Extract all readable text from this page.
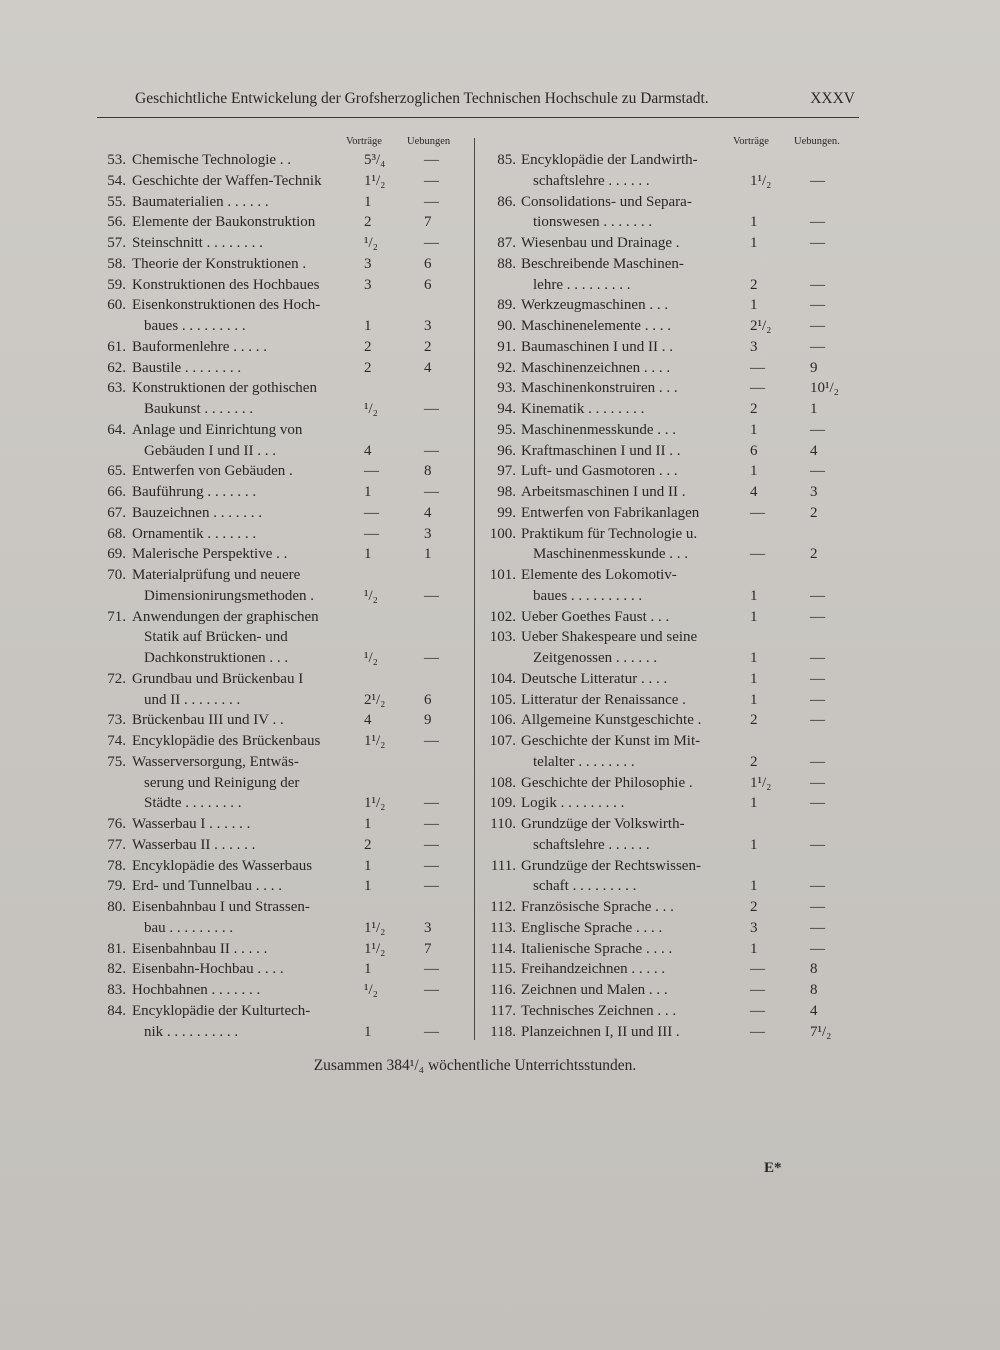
Geschichtliche Entwickelung der Grofsherzoglichen Technischen Hochschule zu Darmstadt.	XXXV
Vorträge Uebungen	Vorträge Uebungen.
53. Chemische Technologie . .	5³/₄	—
54. Geschichte der Waffen-Technik	1¹/₂	—
55. Baumaterialien . . . . . .	1	—
56. Elemente der Baukonstruktion	2	7
57. Steinschnitt . . . . . . . .	¹/₂	—
58. Theorie der Konstruktionen .	3	6
59. Konstruktionen des Hochbaues	3	6
60. Eisenkonstruktionen des Hoch-
baues . . . . . . . . .	1	3
61. Bauformenlehre . . . . .	2	2
62. Baustile . . . . . . . .	2	4
63. Konstruktionen der gothischen
Baukunst . . . . . . .	¹/₂	—
64. Anlage und Einrichtung von
Gebäuden I und II . . .	4	—
65. Entwerfen von Gebäuden .	—	8
66. Bauführung . . . . . . .	1	—
67. Bauzeichnen . . . . . . .	—	4
68. Ornamentik . . . . . . .	—	3
69. Malerische Perspektive . .	1	1
70. Materialprüfung und neuere
Dimensionirungsmethoden .	¹/₂	—
71. Anwendungen der graphischen
Statik auf Brücken- und
Dachkonstruktionen . . .	¹/₂	—
72. Grundbau und Brückenbau I
und II . . . . . . . .	2¹/₂	6
73. Brückenbau III und IV . .	4	9
74. Encyklopädie des Brückenbaus	1¹/₂	—
75. Wasserversorgung, Entwäs-
serung und Reinigung der
Städte . . . . . . . .	1¹/₂	—
76. Wasserbau I . . . . . .	1	—
77. Wasserbau II . . . . . .	2	—
78. Encyklopädie des Wasserbaus	1	—
79. Erd- und Tunnelbau . . . .	1	—
80. Eisenbahnbau I und Strassen-
bau . . . . . . . . .	1¹/₂	3
81. Eisenbahnbau II . . . . .	1¹/₂	7
82. Eisenbahn-Hochbau . . . .	1	—
83. Hochbahnen . . . . . . .	¹/₂	—
84. Encyklopädie der Kulturtech-
nik . . . . . . . . . .	1	—
85. Encyklopädie der Landwirth-
schaftslehre . . . . . .	1¹/₂	—
86. Consolidations- und Separa-
tionswesen . . . . . . .	1	—
87. Wiesenbau und Drainage .	1	—
88. Beschreibende Maschinen-
lehre . . . . . . . . .	2	—
89. Werkzeugmaschinen . . .	1	—
90. Maschinenelemente . . . .	2¹/₂	—
91. Baumaschinen I und II . .	3	—
92. Maschinenzeichnen . . . .	—	9
93. Maschinenkonstruiren . . .	—	10¹/₂
94. Kinematik . . . . . . . .	2	1
95. Maschinenmesskunde . . .	1	—
96. Kraftmaschinen I und II . .	6	4
97. Luft- und Gasmotoren . . .	1	—
98. Arbeitsmaschinen I und II .	4	3
99. Entwerfen von Fabrikanlagen	—	2
100. Praktikum für Technologie u.
Maschinenmesskunde . . .	—	2
101. Elemente des Lokomotiv-
baues . . . . . . . . . .	1	—
102. Ueber Goethes Faust . . .	1	—
103. Ueber Shakespeare und seine
Zeitgenossen . . . . . .	1	—
104. Deutsche Litteratur . . . .	1	—
105. Litteratur der Renaissance .	1	—
106. Allgemeine Kunstgeschichte .	2	—
107. Geschichte der Kunst im Mit-
telalter . . . . . . . .	2	—
108. Geschichte der Philosophie .	1¹/₂	—
109. Logik . . . . . . . . .	1	—
110. Grundzüge der Volkswirth-
schaftslehre . . . . . .	1	—
111. Grundzüge der Rechtswissen-
schaft . . . . . . . . .	1	—
112. Französische Sprache . . .	2	—
113. Englische Sprache . . . .	3	—
114. Italienische Sprache . . . .	1	—
115. Freihandzeichnen . . . . .	—	8
116. Zeichnen und Malen . . .	—	8
117. Technisches Zeichnen . . .	—	4
118. Planzeichnen I, II und III .	—	7¹/₂
Zusammen 384¹/₄ wöchentliche Unterrichtsstunden.
E*
